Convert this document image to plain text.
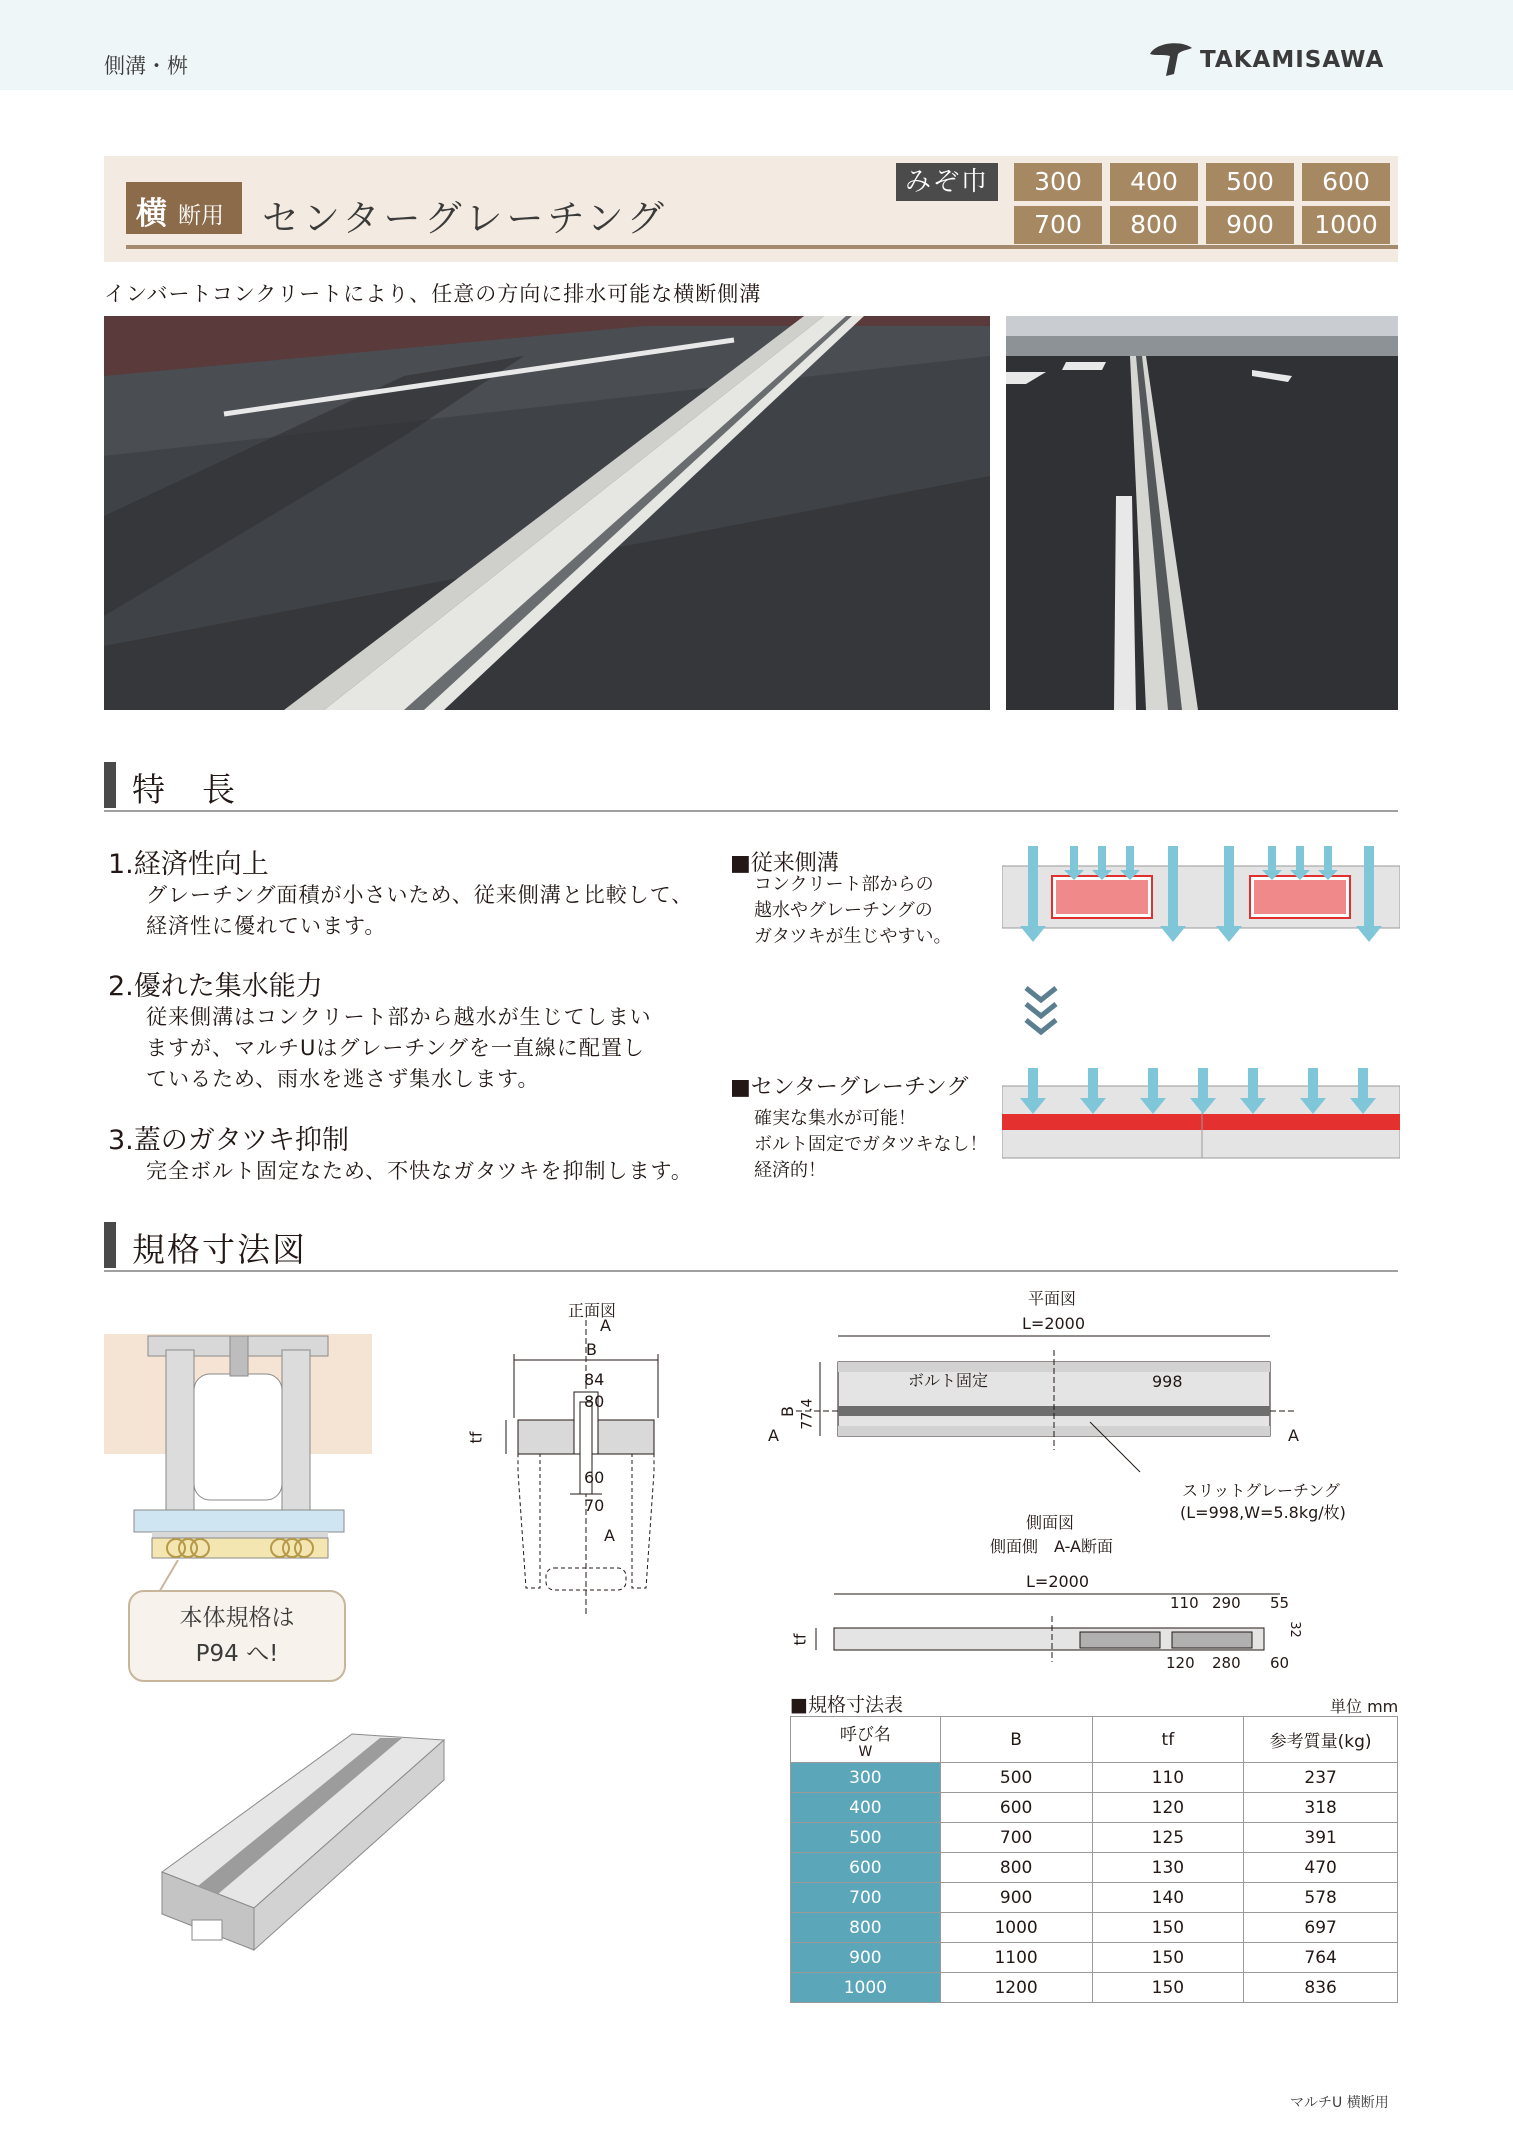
側溝・桝	TAKAMISAWA
横 断用 センターグレーチング
みぞ巾	300	400	500	600
700	800	900	1000
インバートコンクリートにより、任意の方向に排水可能な横断側溝
特　長
1.経済性向上
グレーチング面積が小さいため、従来側溝と比較して、
経済性に優れています。
2.優れた集水能力
従来側溝はコンクリート部から越水が生じてしまい
ますが、マルチUはグレーチングを一直線に配置し
ているため、雨水を逃さず集水します。
3.蓋のガタツキ抑制
完全ボルト固定なため、不快なガタツキを抑制します。
■従来側溝
コンクリート部からの
越水やグレーチングの
ガタツキが生じやすい。
■センターグレーチング
確実な集水が可能！
ボルト固定でガタツキなし！
経済的！
規格寸法図
本体規格は
P94 へ!
正面図
A
B
84
80
tf
60
70
A
平面図
L=2000
ボルト固定	998
A	A
B 77.4
スリットグレーチング
(L=998,W=5.8kg/枚)
側面図
側面側　A-A断面
L=2000
110 290 55
32
120 280 60
tf
■規格寸法表	単位 mm
呼び名
W	B	tf	参考質量(kg)
300	500	110	237
400	600	120	318
500	700	125	391
600	800	130	470
700	900	140	578
800	1000	150	697
900	1100	150	764
1000	1200	150	836
マルチU 横断用
